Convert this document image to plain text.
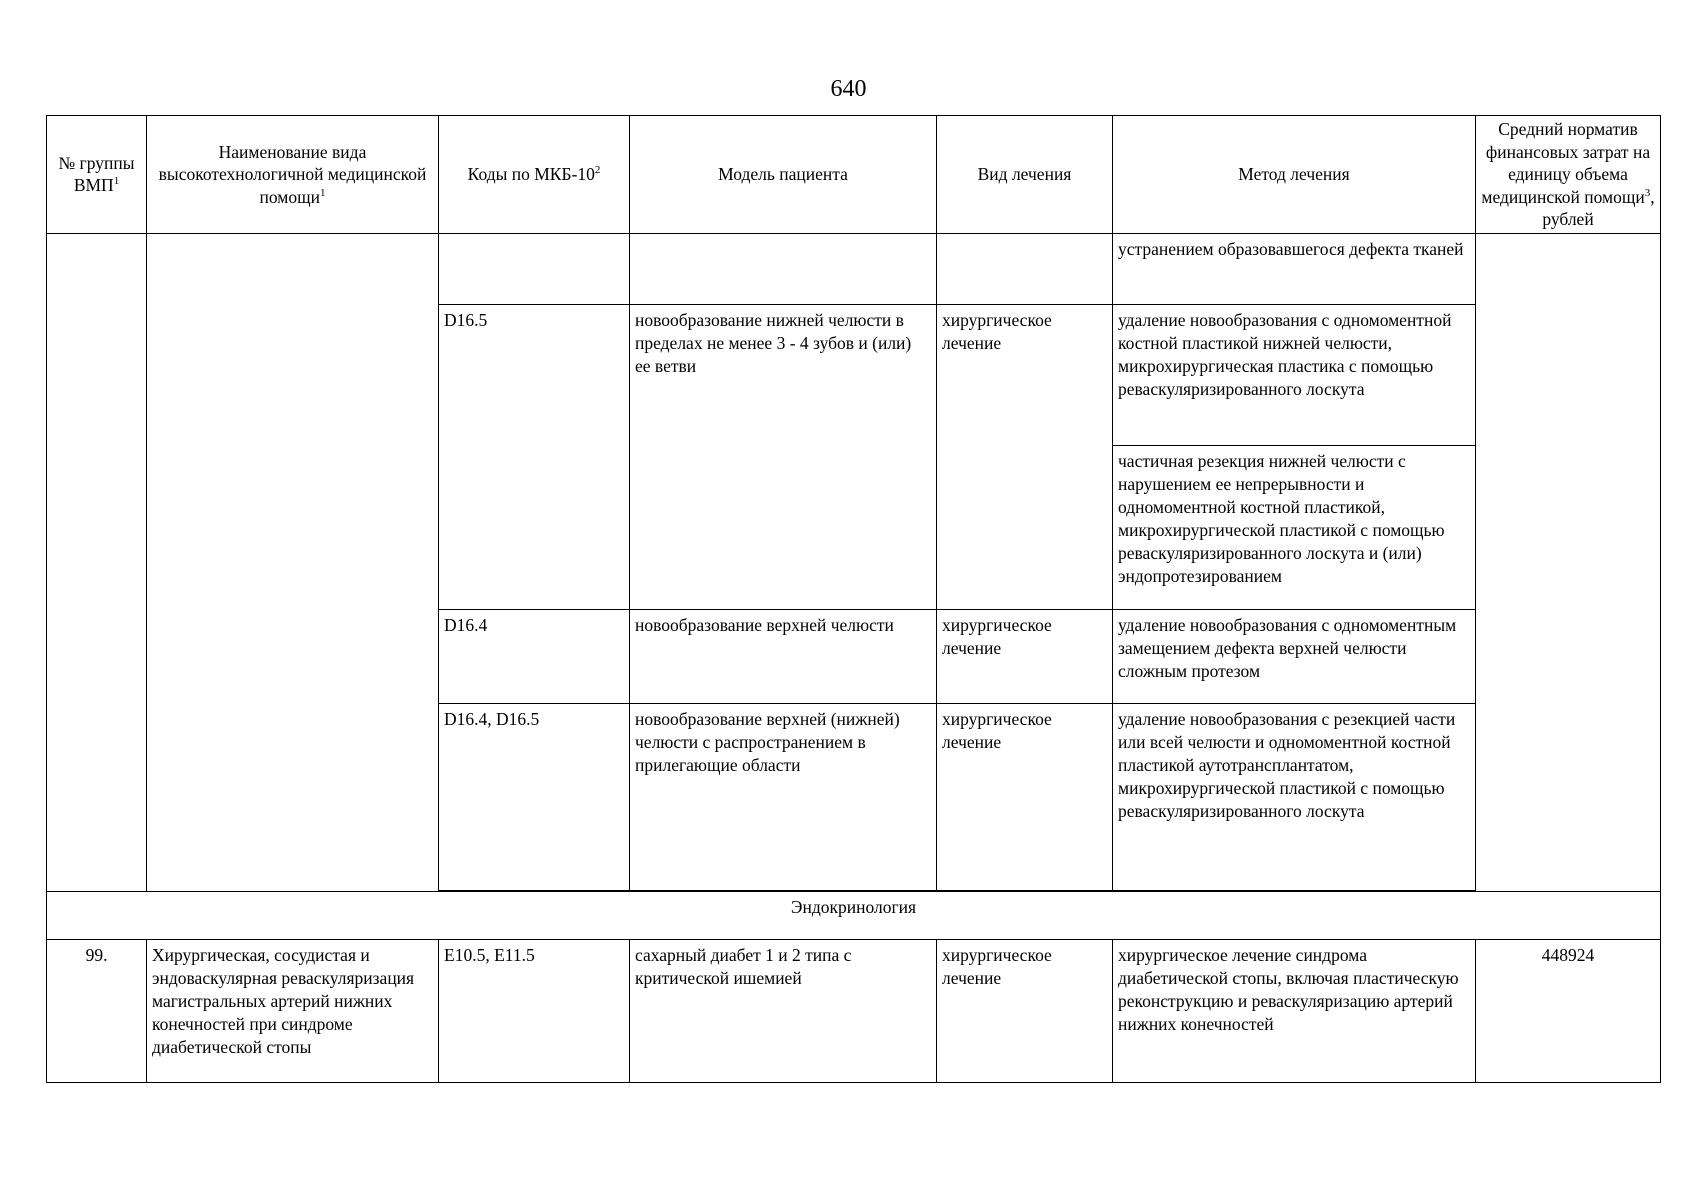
640
№ группы ВМП$^1$	Наименование вида высокотехнологичной медицинской помощи$^1$	Коды по МКБ-$10^2$	Модель пациента	Вид лечения	Метод лечения	Средний норматив финансовых затрат на единицу объема медицинской помощи$^3$, рублей
					устранением образовавшегося дефекта тканей	
		D16.5	новообразование нижней челюсти в пределах не менее 3 - 4 зубов и (или) ее ветви	хирургическое лечение	удаление новообразования с одномоментной костной пластикой нижней челюсти, микрохирургическая пластика с помощью реваскуляризированного лоскута	
					частичная резекция нижней челюсти с нарушением ее непрерывности и одномоментной костной пластикой, микрохирургической пластикой с помощью реваскуляризированного лоскута и (или) эндопротезированием	
		D16.4	новообразование верхней челюсти	хирургическое лечение	удаление новообразования с одномоментным замещением дефекта верхней челюсти сложным протезом	
		D16.4, D16.5	новообразование верхней (нижней) челюсти с распространением в прилегающие области	хирургическое лечение	удаление новообразования с резекцией части или всей челюсти и одномоментной костной пластикой аутотрансплантатом, микрохирургической пластикой с помощью реваскуляризированного лоскута	

Эндокринология						
99.	Хирургическая, сосудистая и эндоваскулярная реваскуляризация магистральных артерий нижних конечностей при синдроме диабетической стопы	E10.5, E11.5	сахарный диабет 1 и 2 типа с критической ишемией	хирургическое лечение	хирургическое лечение синдрома диабетической стопы, включая пластическую реконструкцию и реваскуляризацию артерий нижних конечностей	448924
